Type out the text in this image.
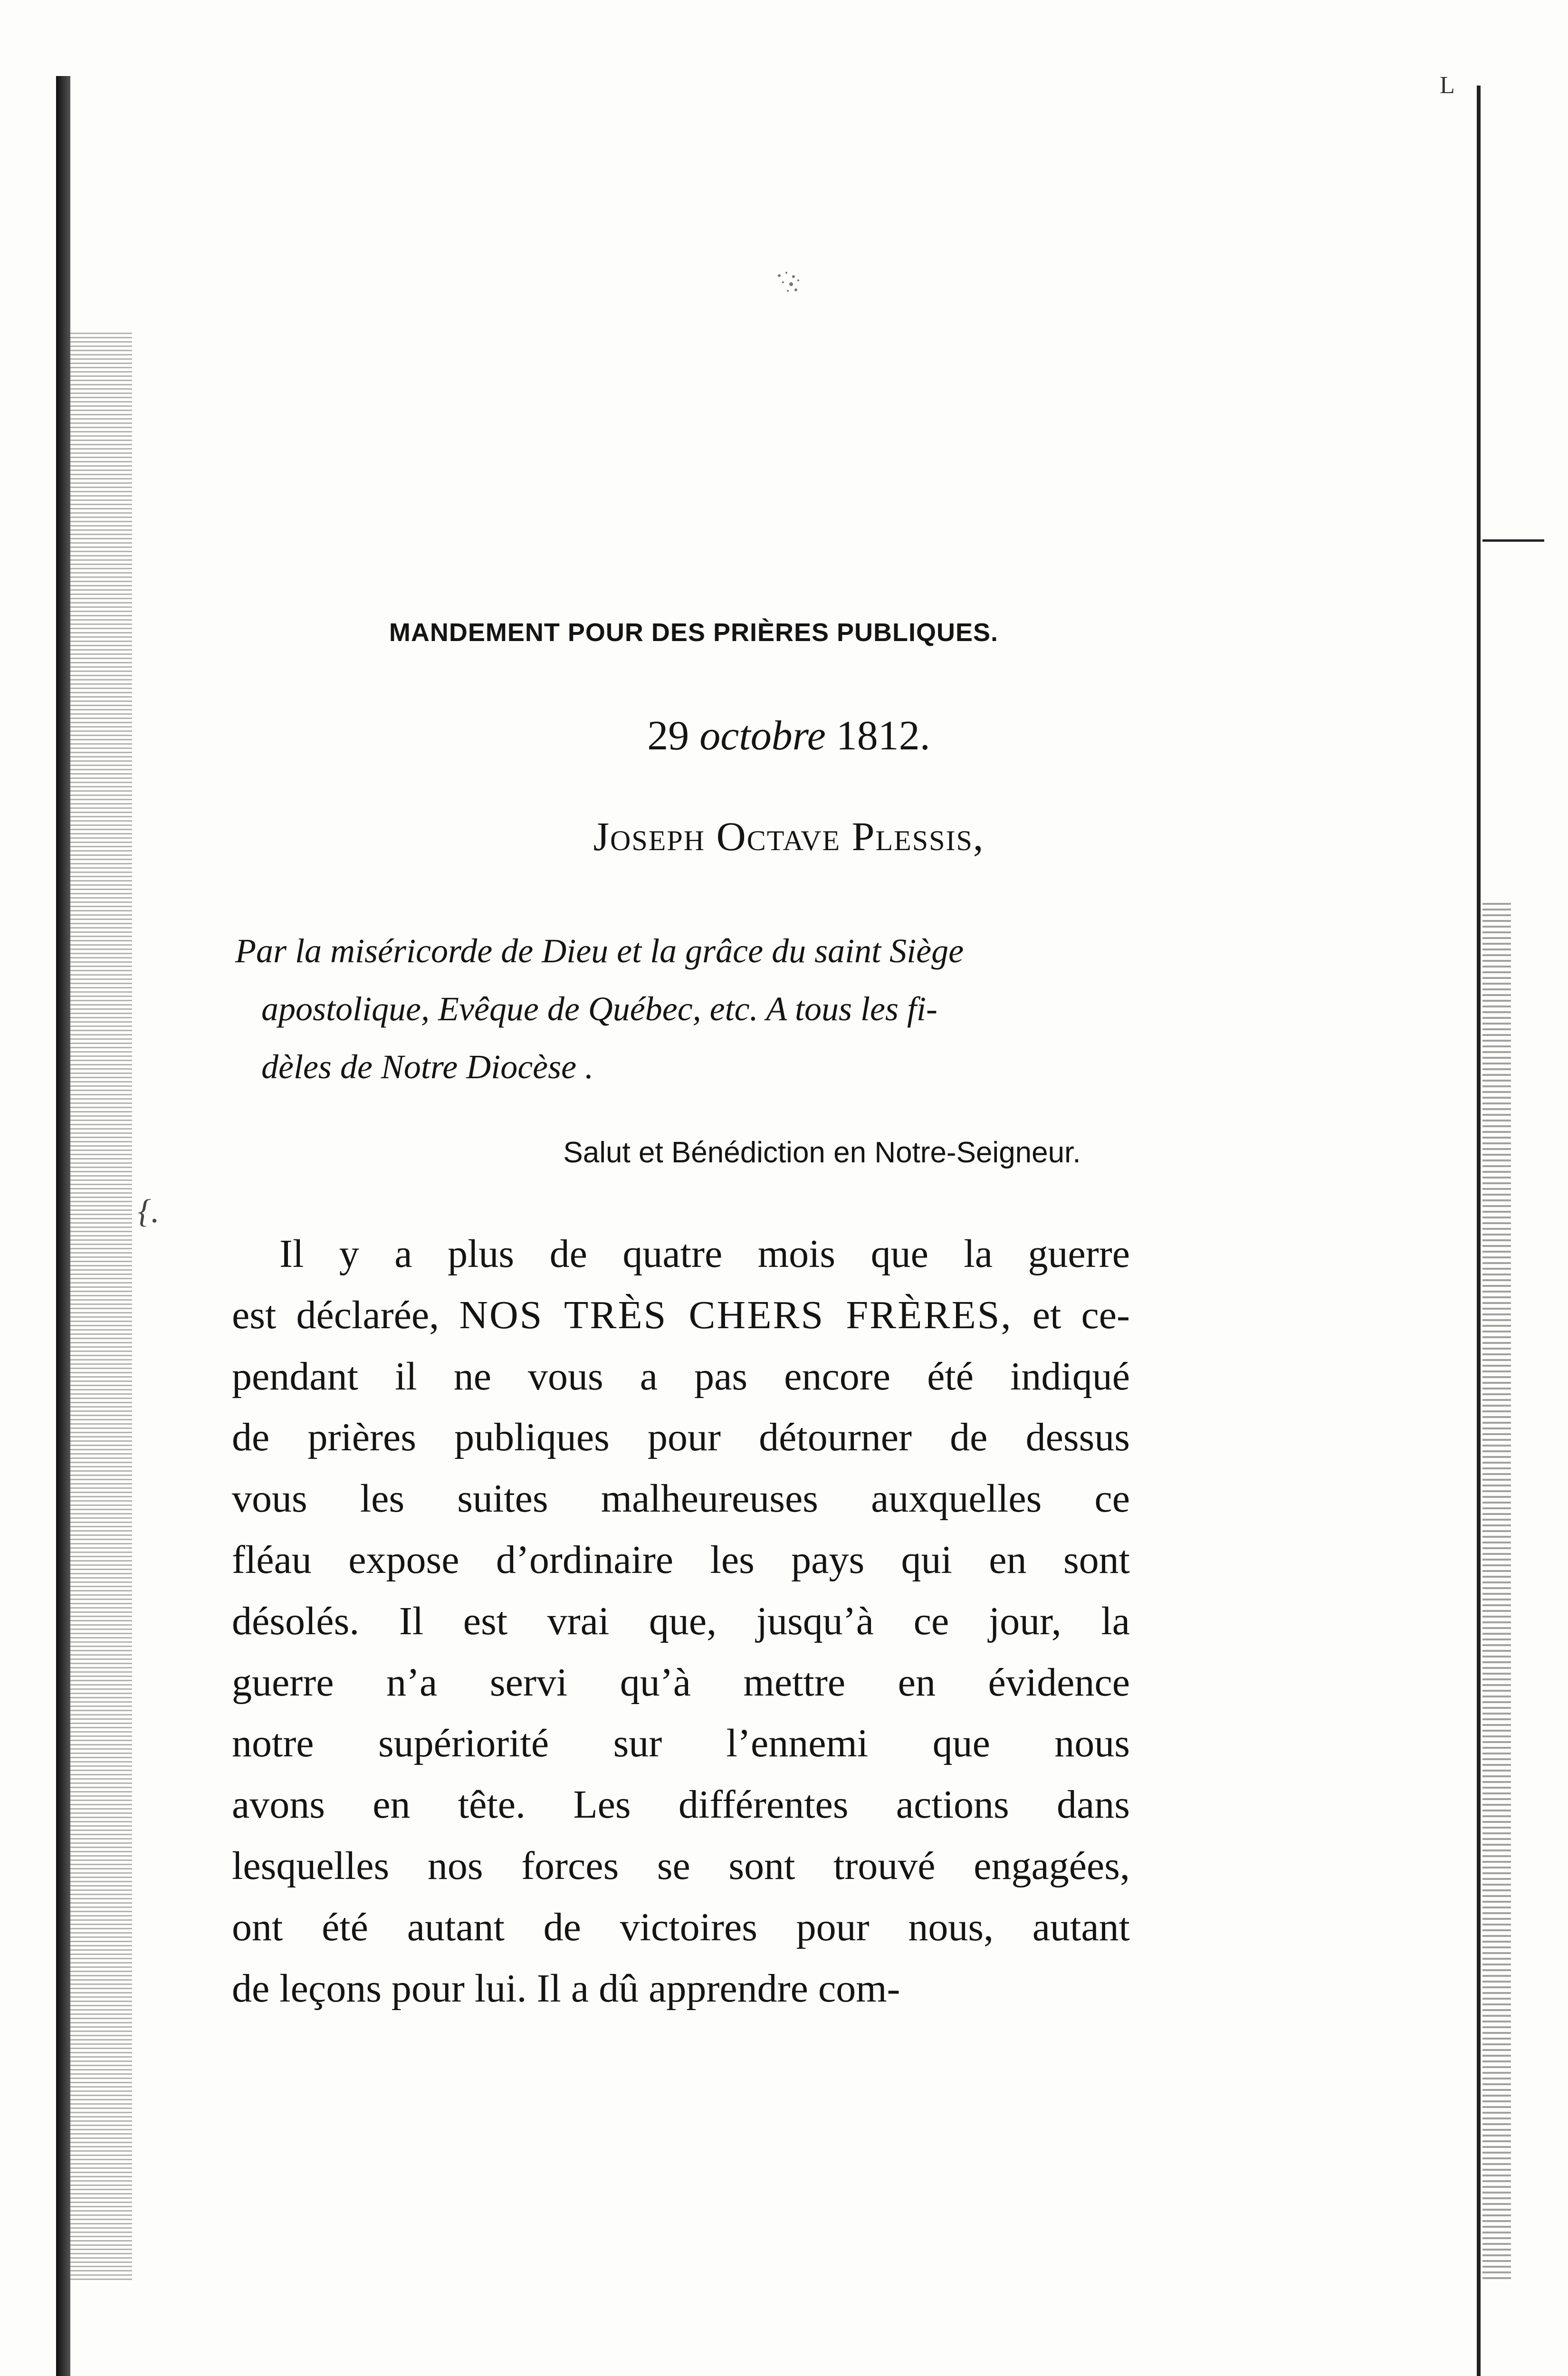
L
{.
MANDEMENT POUR DES PRIÈRES PUBLIQUES.
29 octobre 1812.
Joseph Octave Plessis,
Par la miséricorde de Dieu et la grâce du saint Siège
apostolique, Evêque de Québec, etc. A tous les fi-
dèles de Notre Diocèse .
Salut et Bénédiction en Notre-Seigneur.
Il y a plus de quatre mois que la guerre
est déclarée, NOS TRÈS CHERS FRÈRES, et ce-
pendant il ne vous a pas encore été indiqué
de prières publiques pour détourner de dessus
vous les suites malheureuses auxquelles ce
fléau expose d’ordinaire les pays qui en sont
désolés. Il est vrai que, jusqu’à ce jour, la
guerre n’a servi qu’à mettre en évidence
notre supériorité sur l’ennemi que nous
avons en tête. Les différentes actions dans
lesquelles nos forces se sont trouvé engagées,
ont été autant de victoires pour nous, autant
de leçons pour lui. Il a dû apprendre com-
